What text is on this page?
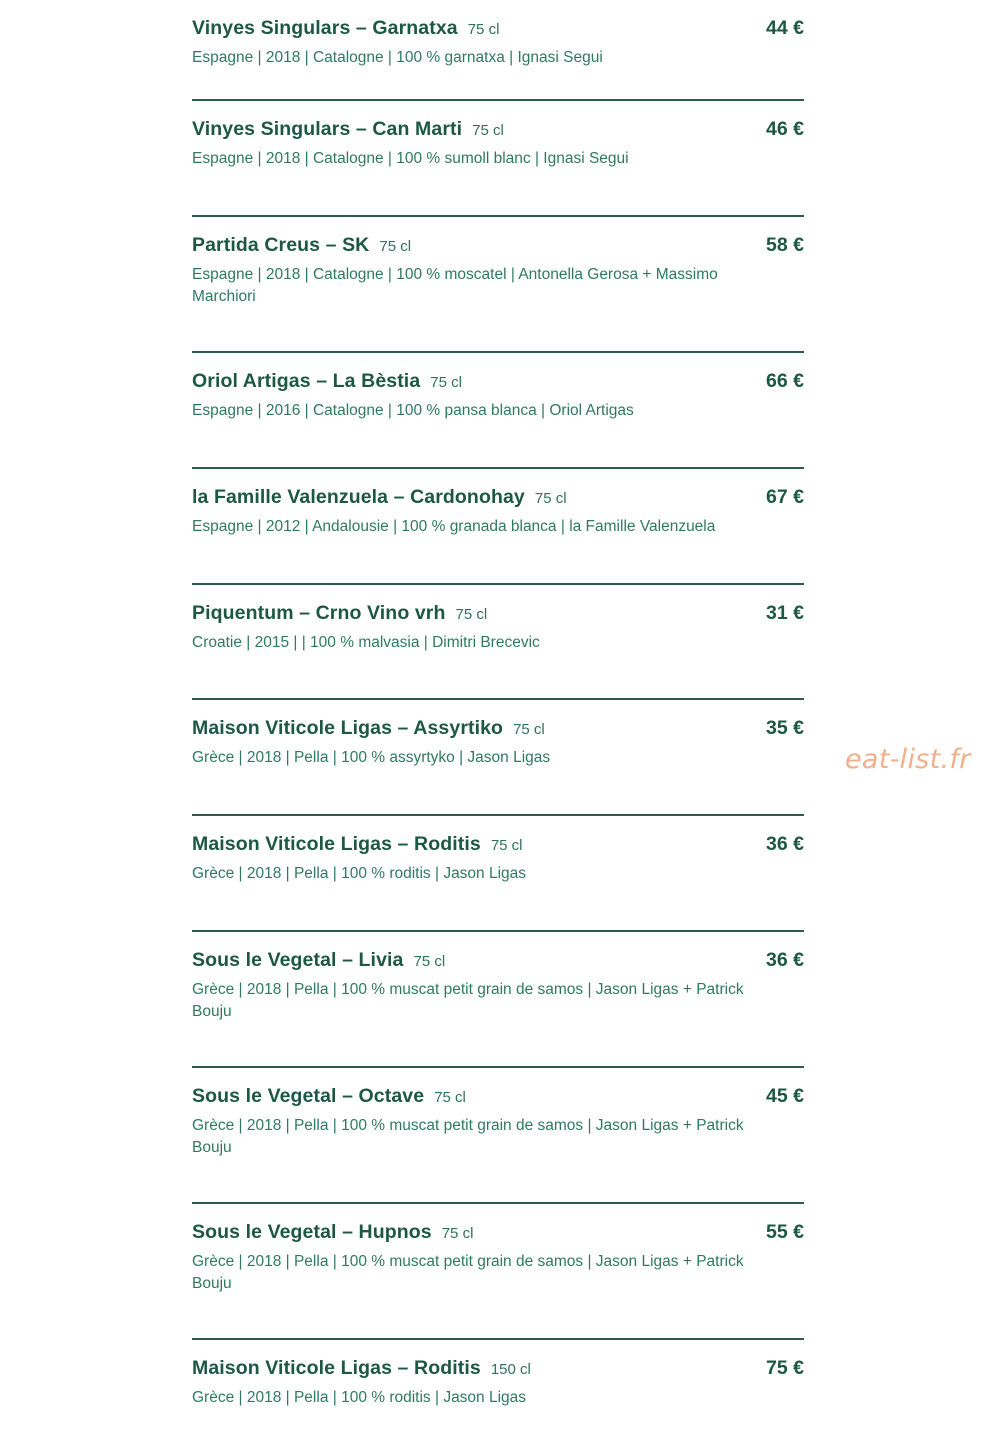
Vinyes Singulars – Garnatxa 75 cl	44 €
Espagne | 2018 | Catalogne | 100 % garnatxa | Ignasi Segui
Vinyes Singulars – Can Marti 75 cl	46 €
Espagne | 2018 | Catalogne | 100 % sumoll blanc | Ignasi Segui
Partida Creus – SK 75 cl	58 €
Espagne | 2018 | Catalogne | 100 % moscatel | Antonella Gerosa + Massimo Marchiori
Oriol Artigas – La Bèstia 75 cl	66 €
Espagne | 2016 | Catalogne | 100 % pansa blanca | Oriol Artigas
la Famille Valenzuela – Cardonohay 75 cl	67 €
Espagne | 2012 | Andalousie | 100 % granada blanca | la Famille Valenzuela
Piquentum – Crno Vino vrh 75 cl	31 €
Croatie | 2015 | | 100 % malvasia | Dimitri Brecevic
Maison Viticole Ligas – Assyrtiko 75 cl	35 €
Grèce | 2018 | Pella | 100 % assyrtyko | Jason Ligas
Maison Viticole Ligas – Roditis 75 cl	36 €
Grèce | 2018 | Pella | 100 % roditis | Jason Ligas
Sous le Vegetal – Livia 75 cl	36 €
Grèce | 2018 | Pella | 100 % muscat petit grain de samos | Jason Ligas + Patrick Bouju
Sous le Vegetal – Octave 75 cl	45 €
Grèce | 2018 | Pella | 100 % muscat petit grain de samos | Jason Ligas + Patrick Bouju
Sous le Vegetal – Hupnos 75 cl	55 €
Grèce | 2018 | Pella | 100 % muscat petit grain de samos | Jason Ligas + Patrick Bouju
Maison Viticole Ligas – Roditis 150 cl	75 €
Grèce | 2018 | Pella | 100 % roditis | Jason Ligas
eat-list.fr
